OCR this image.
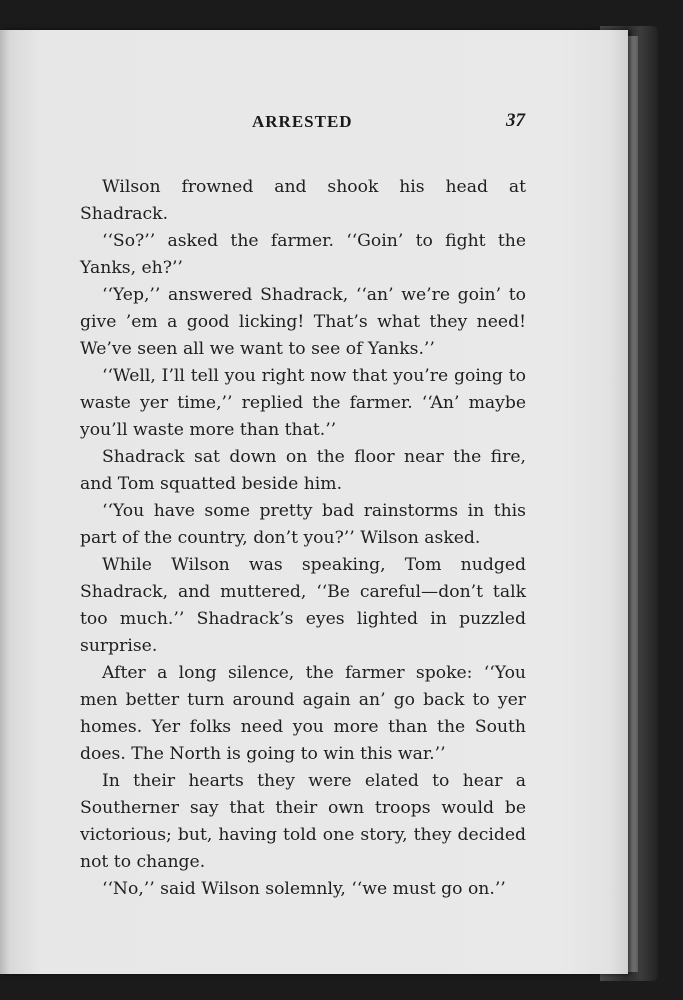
ARRESTED	37

Wilson frowned and shook his head at Shadrack.

‘‘So?’’ asked the farmer. ‘‘Goin’ to fight the Yanks, eh?’’

‘‘Yep,’’ answered Shadrack, ‘‘an’ we’re goin’ to give ’em a good licking! That’s what they need! We’ve seen all we want to see of Yanks.’’

‘‘Well, I’ll tell you right now that you’re going to waste yer time,’’ replied the farmer. ‘‘An’ maybe you’ll waste more than that.’’

Shadrack sat down on the floor near the fire, and Tom squatted beside him.

‘‘You have some pretty bad rainstorms in this part of the country, don’t you?’’ Wilson asked.

While Wilson was speaking, Tom nudged Shadrack, and muttered, ‘‘Be careful—don’t talk too much.’’ Shadrack’s eyes lighted in puzzled surprise.

After a long silence, the farmer spoke: ‘‘You men better turn around again an’ go back to yer homes. Yer folks need you more than the South does. The North is going to win this war.’’

In their hearts they were elated to hear a Southerner say that their own troops would be victorious; but, having told one story, they decided not to change.

‘‘No,’’ said Wilson solemnly, ‘‘we must go on.’’
